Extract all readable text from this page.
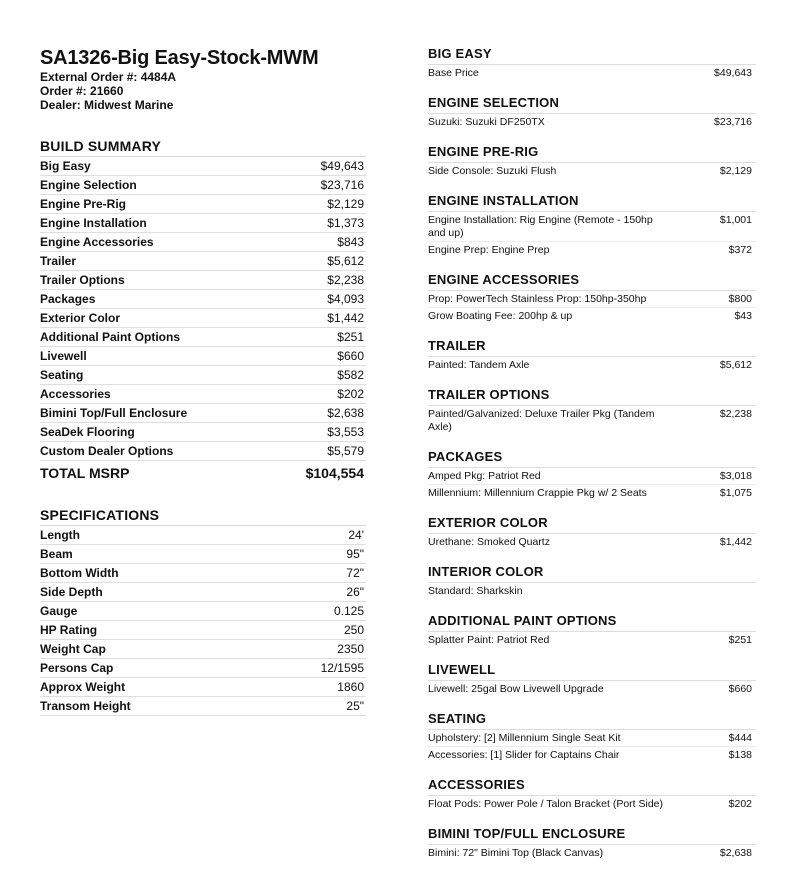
SA1326-Big Easy-Stock-MWM
External Order #: 4484A
Order #: 21660
Dealer: Midwest Marine
BUILD SUMMARY
Big Easy	$49,643
Engine Selection	$23,716
Engine Pre-Rig	$2,129
Engine Installation	$1,373
Engine Accessories	$843
Trailer	$5,612
Trailer Options	$2,238
Packages	$4,093
Exterior Color	$1,442
Additional Paint Options	$251
Livewell	$660
Seating	$582
Accessories	$202
Bimini Top/Full Enclosure	$2,638
SeaDek Flooring	$3,553
Custom Dealer Options	$5,579
TOTAL MSRP	$104,554
SPECIFICATIONS
Length	24'
Beam	95"
Bottom Width	72"
Side Depth	26"
Gauge	0.125
HP Rating	250
Weight Cap	2350
Persons Cap	12/1595
Approx Weight	1860
Transom Height	25"
BIG EASY
Base Price	$49,643
ENGINE SELECTION
Suzuki: Suzuki DF250TX	$23,716
ENGINE PRE-RIG
Side Console: Suzuki Flush	$2,129
ENGINE INSTALLATION
Engine Installation: Rig Engine (Remote - 150hp and up)
$1,001
Engine Prep: Engine Prep	$372
ENGINE ACCESSORIES
Prop: PowerTech Stainless Prop: 150hp-350hp	$800
Grow Boating Fee: 200hp & up	$43
TRAILER
Painted: Tandem Axle	$5,612
TRAILER OPTIONS
Painted/Galvanized: Deluxe Trailer Pkg (Tandem Axle)
$2,238
PACKAGES
Amped Pkg: Patriot Red	$3,018
Millennium: Millennium Crappie Pkg w/ 2 Seats	$1,075
EXTERIOR COLOR
Urethane: Smoked Quartz	$1,442
INTERIOR COLOR
Standard: Sharkskin
ADDITIONAL PAINT OPTIONS
Splatter Paint: Patriot Red	$251
LIVEWELL
Livewell: 25gal Bow Livewell Upgrade	$660
SEATING
Upholstery: [2] Millennium Single Seat Kit	$444
Accessories: [1] Slider for Captains Chair	$138
ACCESSORIES
Float Pods: Power Pole / Talon Bracket (Port Side)	$202
BIMINI TOP/FULL ENCLOSURE
Bimini: 72" Bimini Top (Black Canvas)	$2,638
